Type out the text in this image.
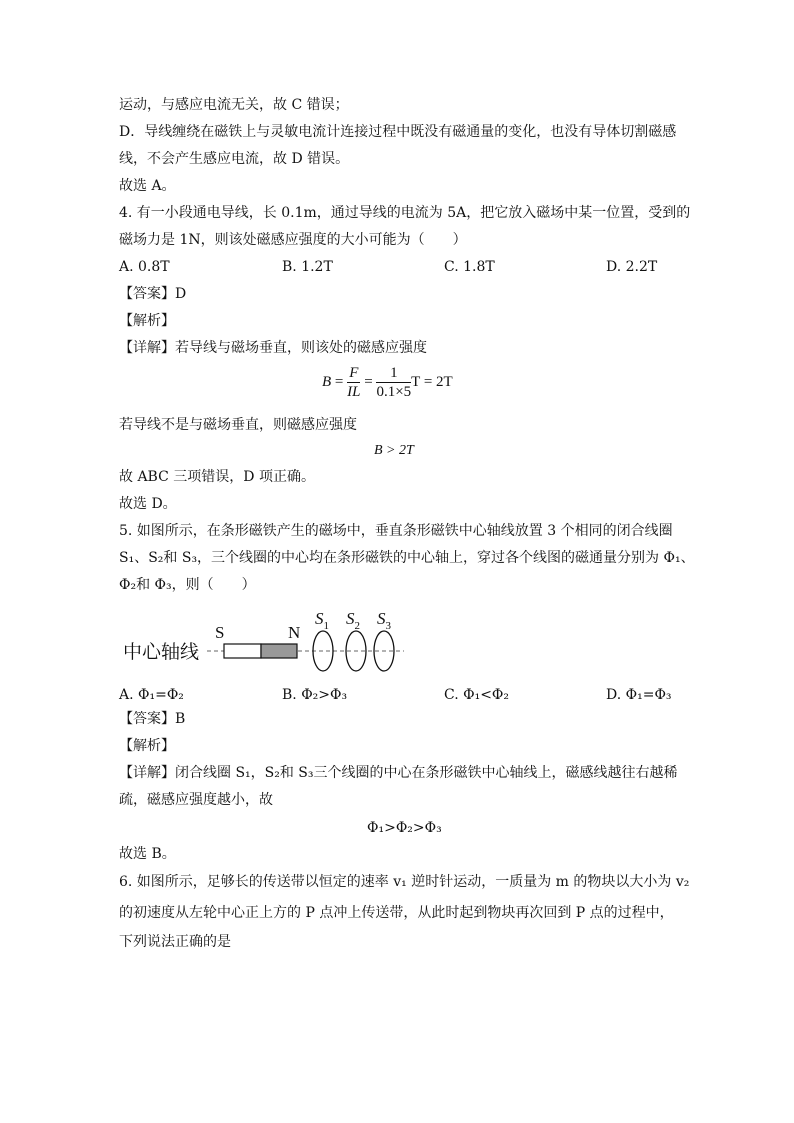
运动，与感应电流无关，故 C 错误；
D．导线缠绕在磁铁上与灵敏电流计连接过程中既没有磁通量的变化，也没有导体切割磁感
线，不会产生感应电流，故 D 错误。
故选 A。
4. 有一小段通电导线，长 0.1m，通过导线的电流为 5A，把它放入磁场中某一位置，受到的
磁场力是 1N，则该处磁感应强度的大小可能为（　　）
A. 0.8T	B. 1.2T	C. 1.8T	D. 2.2T
【答案】D
【解析】
【详解】若导线与磁场垂直，则该处的磁感应强度
$B = \frac{F}{IL} = \frac{1}{0.1\times 5}$ T = 2T
若导线不是与磁场垂直，则磁感应强度
B > 2T
故 ABC 三项错误，D 项正确。
故选 D。
5. 如图所示，在条形磁铁产生的磁场中，垂直条形磁铁中心轴线放置 3 个相同的闭合线圈
S₁、S₂和 S₃，三个线圈的中心均在条形磁铁的中心轴上，穿过各个线图的磁通量分别为 Φ₁、
Φ₂和 Φ₃，则（　　）
中心轴线
S	N
$S_1$ $S_2$ $S_3$
A. Φ₁=Φ₂	B. Φ₂>Φ₃	C. Φ₁<Φ₂	D. Φ₁=Φ₃
【答案】B
【解析】
【详解】闭合线圈 S₁，S₂和 S₃三个线圈的中心在条形磁铁中心轴线上，磁感线越往右越稀
疏，磁感应强度越小，故
Φ₁>Φ₂>Φ₃
故选 B。
6. 如图所示，足够长的传送带以恒定的速率 v₁ 逆时针运动，一质量为 m 的物块以大小为 v₂
的初速度从左轮中心正上方的 P 点冲上传送带，从此时起到物块再次回到 P 点的过程中，
下列说法正确的是
